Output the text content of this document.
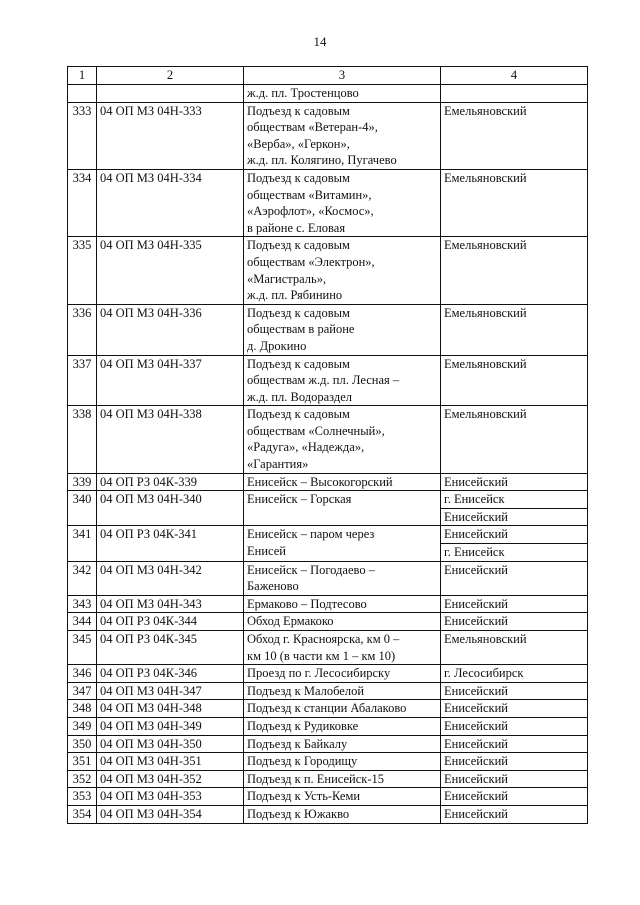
14
1	2	3	4

		ж.д. пл. Тростенцово	

333	04 ОП МЗ 04Н-333	Подъезд к садовым
обществам «Ветеран-4»,
«Верба», «Геркон»,
ж.д. пл. Колягино, Пугачево	Емельяновский

334	04 ОП МЗ 04Н-334	Подъезд к садовым
обществам «Витамин»,
«Аэрофлот», «Космос»,
в районе с. Еловая	Емельяновский

335	04 ОП МЗ 04Н-335	Подъезд к садовым
обществам «Электрон»,
«Магистраль»,
ж.д. пл. Рябинино	Емельяновский

336	04 ОП МЗ 04Н-336	Подъезд к садовым
обществам в районе
д. Дрокино	Емельяновский

337	04 ОП МЗ 04Н-337	Подъезд к садовым
обществам ж.д. пл. Лесная –
ж.д. пл. Водораздел	Емельяновский

338	04 ОП МЗ 04Н-338	Подъезд к садовым
обществам «Солнечный»,
«Радуга», «Надежда»,
«Гарантия»	Емельяновский

339	04 ОП РЗ 04К-339	Енисейск – Высокогорский	Енисейский

340	04 ОП МЗ 04Н-340	Енисейск – Горская	г. Енисейск
Енисейский

341	04 ОП РЗ 04К-341	Енисейск – паром через
Енисей	Енисейский
г. Енисейск

342	04 ОП МЗ 04Н-342	Енисейск – Погодаево –
Баженово	Енисейский

343	04 ОП МЗ 04Н-343	Ермаково – Подтесово	Енисейский

344	04 ОП РЗ 04К-344	Обход Ермакоко	Енисейский

345	04 ОП РЗ 04К-345	Обход г. Красноярска, км 0 –
км 10 (в части км 1 – км 10)	Емельяновский

346	04 ОП РЗ 04К-346	Проезд по г. Лесосибирску	г. Лесосибирск

347	04 ОП МЗ 04Н-347	Подъезд к Малобелой	Енисейский

348	04 ОП МЗ 04Н-348	Подъезд к станции Абалаково	Енисейский

349	04 ОП МЗ 04Н-349	Подъезд к Рудиковке	Енисейский

350	04 ОП МЗ 04Н-350	Подъезд к Байкалу	Енисейский

351	04 ОП МЗ 04Н-351	Подъезд к Городищу	Енисейский

352	04 ОП МЗ 04Н-352	Подъезд к п. Енисейск-15	Енисейский

353	04 ОП МЗ 04Н-353	Подъезд к Усть-Кеми	Енисейский

354	04 ОП МЗ 04Н-354	Подъезд к Южакво	Енисейский
